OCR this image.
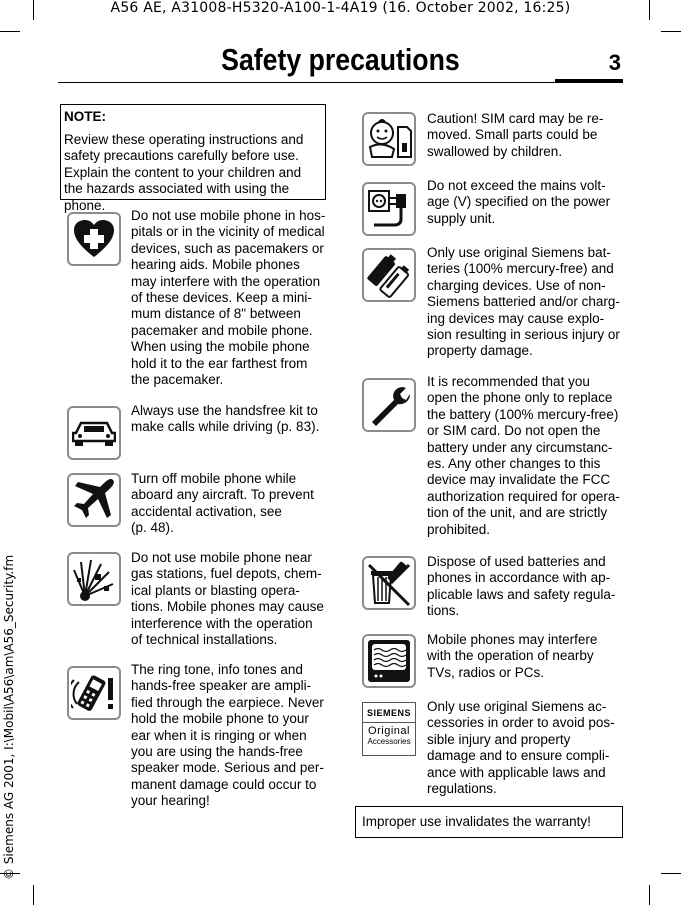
A56 AE, A31008-H5320-A100-1-4A19 (16. October 2002, 16:25)
Safety precautions	3
© Siemens AG 2001, I:\Mobil\A56\am\A56_Security.fm
NOTE:
Review these operating instructions and safety precautions carefully before use. Explain the content to your children and the hazards associated with using the phone.
Do not use mobile phone in hos-
pitals or in the vicinity of medical
devices, such as pacemakers or
hearing aids. Mobile phones
may interfere with the operation
of these devices. Keep a mini-
mum distance of 8" between
pacemaker and mobile phone.
When using the mobile phone
hold it to the ear farthest from
the pacemaker.
Always use the handsfree kit to
make calls while driving (p. 83).
Turn off mobile phone while
aboard any aircraft. To prevent
accidental activation, see
(p. 48).
Do not use mobile phone near
gas stations, fuel depots, chem-
ical plants or blasting opera-
tions. Mobile phones may cause
interference with the operation
of technical installations.
The ring tone, info tones and
hands-free speaker are ampli-
fied through the earpiece. Never
hold the mobile phone to your
ear when it is ringing or when
you are using the hands-free
speaker mode. Serious and per-
manent damage could occur to
your hearing!
Caution! SIM card may be re-
moved. Small parts could be
swallowed by children.
Do not exceed the mains volt-
age (V) specified on the power
supply unit.
Only use original Siemens bat-
teries (100% mercury-free) and
charging devices. Use of non-
Siemens batteried and/or charg-
ing devices may cause explo-
sion resulting in serious injury or
property damage.
It is recommended that you
open the phone only to replace
the battery (100% mercury-free)
or SIM card. Do not open the
battery under any circumstanc-
es. Any other changes to this
device may invalidate the FCC
authorization required for opera-
tion of the unit, and are strictly
prohibited.
Dispose of used batteries and
phones in accordance with ap-
plicable laws and safety regula-
tions.
Mobile phones may interfere
with the operation of nearby
TVs, radios or PCs.
SIEMENS
Original
Accessories
Only use original Siemens ac-
cessories in order to avoid pos-
sible injury and property
damage and to ensure compli-
ance with applicable laws and
regulations.
Improper use invalidates the warranty!
